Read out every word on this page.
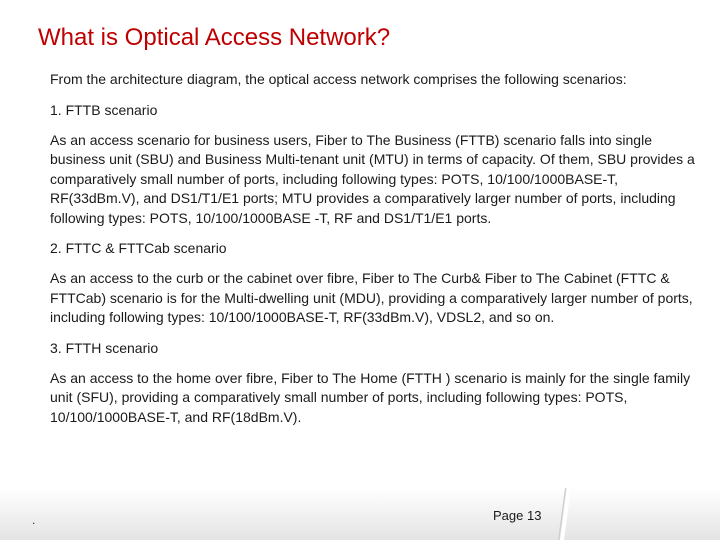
What is Optical Access Network?

From the architecture diagram, the optical access network comprises the following scenarios:

1. FTTB scenario

As an access scenario for business users, Fiber to The Business (FTTB) scenario falls into single business unit (SBU) and Business Multi-tenant unit (MTU) in terms of capacity. Of them, SBU provides a comparatively small number of ports, including following types: POTS, 10/100/1000BASE-T, RF(33dBm.V), and DS1/T1/E1 ports; MTU provides a comparatively larger number of ports, including following types: POTS, 10/100/1000BASE -T, RF and DS1/T1/E1 ports.

2. FTTC & FTTCab scenario

As an access to the curb or the cabinet over fibre, Fiber to The Curb& Fiber to The Cabinet (FTTC & FTTCab) scenario is for the Multi-dwelling unit (MDU), providing a comparatively larger number of ports, including following types: 10/100/1000BASE-T, RF(33dBm.V), VDSL2, and so on.

3. FTTH scenario

As an access to the home over fibre, Fiber to The Home (FTTH ) scenario is mainly for the single family unit (SFU), providing a comparatively small number of ports, including following types: POTS, 10/100/1000BASE-T, and RF(18dBm.V).

.	Page 13
